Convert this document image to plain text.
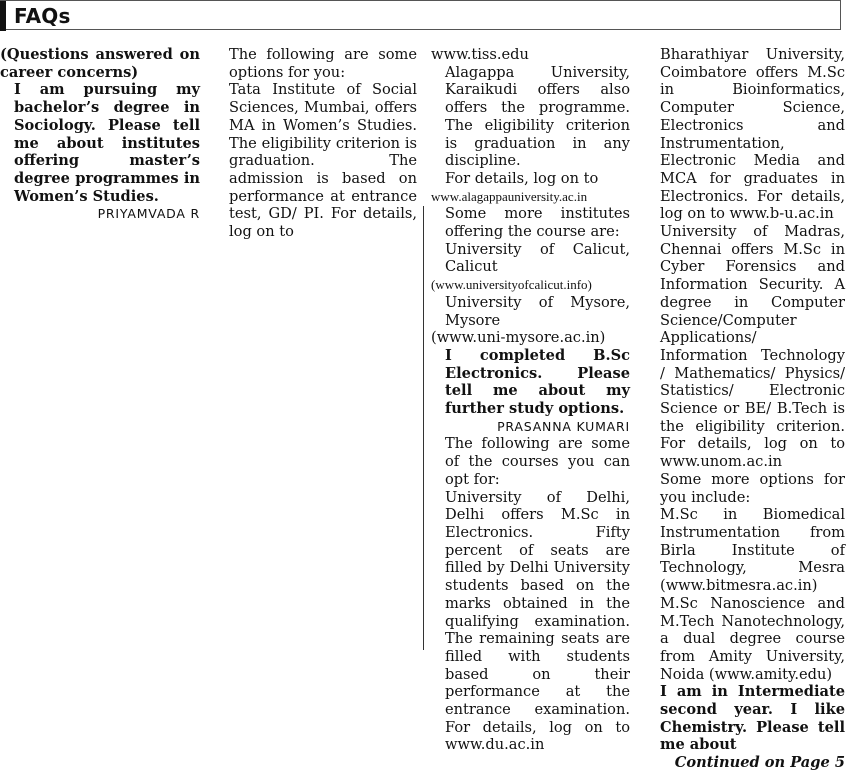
FAQs
(Questions answered on career concerns)
I am pursuing my bachelor’s degree in Sociology. Please tell me about institutes offering master’s degree programmes in Women’s Studies.
PRIYAMVADA R
The following are some options for you:
Tata Institute of Social Sciences, Mumbai, offers MA in Women’s Studies. The eligibility criterion is graduation. The admission is based on performance at entrance test, GD/ PI. For details, log on to
www.tiss.edu
Alagappa University, Karaikudi offers also offers the programme. The eligibility criterion is graduation in any discipline.
For details, log on to
www.alagappauniversity.ac.in
Some more institutes offering the course are:
University of Calicut, Calicut
(www.universityofcalicut.info)
University of Mysore, Mysore
(www.uni-mysore.ac.in)
I completed B.Sc Electronics. Please tell me about my further study options.
PRASANNA KUMARI
The following are some of the courses you can opt for:
University of Delhi, Delhi offers M.Sc in Electronics. Fifty percent of seats are filled by Delhi University students based on the marks obtained in the qualifying examination. The remaining seats are filled with students based on their performance at the entrance examination. For details, log on to www.du.ac.in
Bharathiyar University, Coimbatore offers M.Sc in Bioinformatics, Computer Science, Electronics and Instrumentation, Electronic Media and MCA for graduates in Electronics. For details, log on to www.b-u.ac.in
University of Madras, Chennai offers M.Sc in Cyber Forensics and Information Security. A degree in Computer Science/Computer Applications/ Information Technology / Mathematics/ Physics/ Statistics/ Electronic Science or BE/ B.Tech is the eligibility criterion. For details, log on to www.unom.ac.in
Some more options for you include:
M.Sc in Biomedical Instrumentation from Birla Institute of Technology, Mesra (www.bitmesra.ac.in)
M.Sc Nanoscience and M.Tech Nanotechnology, a dual degree course from Amity University, Noida (www.amity.edu)
I am in Intermediate second year. I like Chemistry. Please tell me about
Continued on Page 5
